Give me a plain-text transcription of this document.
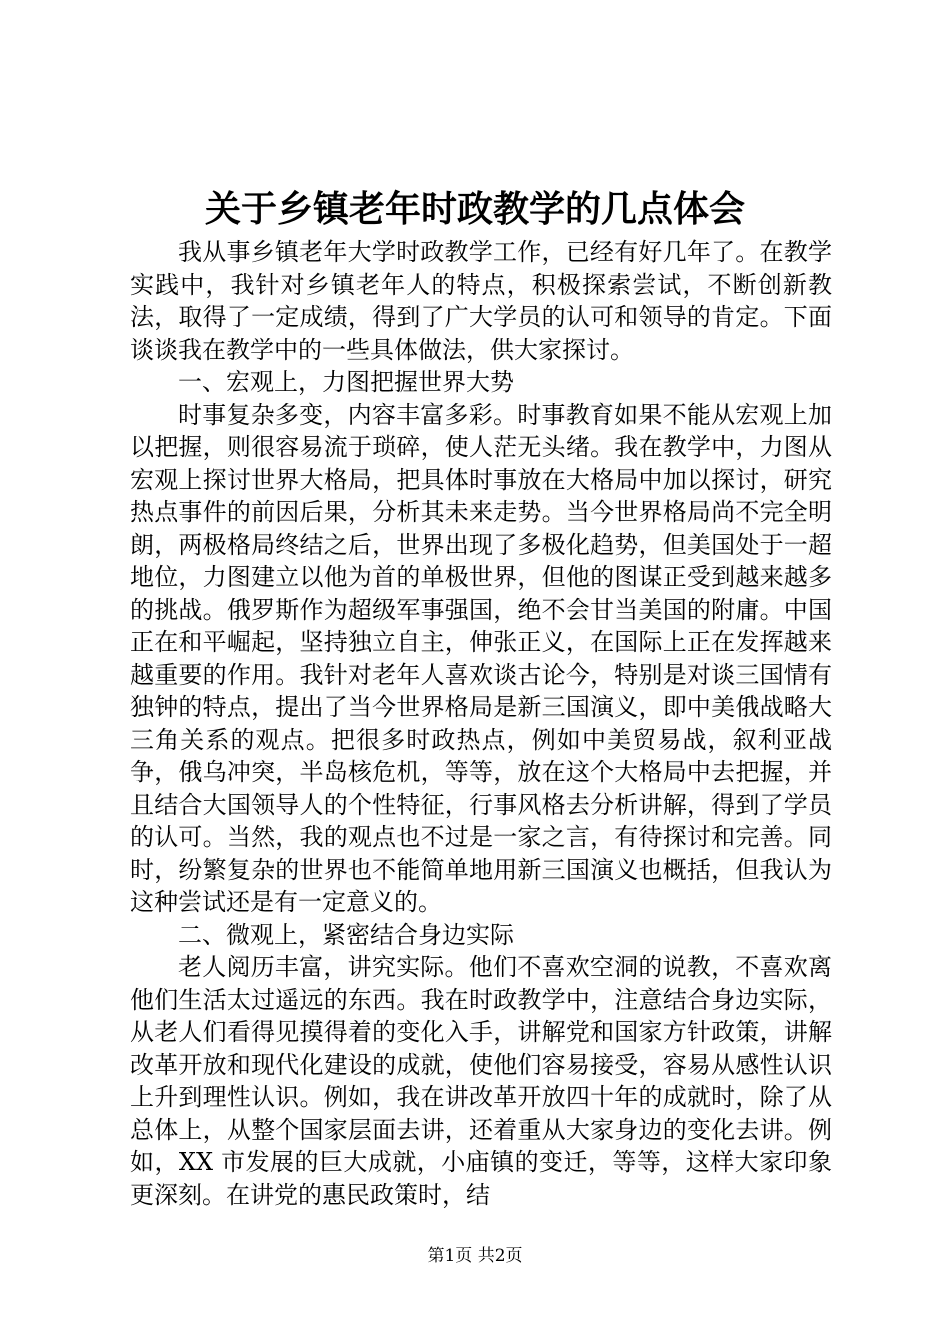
关于乡镇老年时政教学的几点体会

我从事乡镇老年大学时政教学工作，已经有好几年了。在教学实践中，我针对乡镇老年人的特点，积极探索尝试，不断创新教法，取得了一定成绩，得到了广大学员的认可和领导的肯定。下面谈谈我在教学中的一些具体做法，供大家探讨。

一、宏观上，力图把握世界大势

时事复杂多变，内容丰富多彩。时事教育如果不能从宏观上加以把握，则很容易流于琐碎，使人茫无头绪。我在教学中，力图从宏观上探讨世界大格局，把具体时事放在大格局中加以探讨，研究热点事件的前因后果，分析其未来走势。当今世界格局尚不完全明朗，两极格局终结之后，世界出现了多极化趋势，但美国处于一超地位，力图建立以他为首的单极世界，但他的图谋正受到越来越多的挑战。俄罗斯作为超级军事强国，绝不会甘当美国的附庸。中国正在和平崛起，坚持独立自主，伸张正义，在国际上正在发挥越来越重要的作用。我针对老年人喜欢谈古论今，特别是对谈三国情有独钟的特点，提出了当今世界格局是新三国演义，即中美俄战略大三角关系的观点。把很多时政热点，例如中美贸易战，叙利亚战争，俄乌冲突，半岛核危机，等等，放在这个大格局中去把握，并且结合大国领导人的个性特征，行事风格去分析讲解，得到了学员的认可。当然，我的观点也不过是一家之言，有待探讨和完善。同时，纷繁复杂的世界也不能简单地用新三国演义也概括，但我认为这种尝试还是有一定意义的。

二、微观上，紧密结合身边实际

老人阅历丰富，讲究实际。他们不喜欢空洞的说教，不喜欢离他们生活太过遥远的东西。我在时政教学中，注意结合身边实际，从老人们看得见摸得着的变化入手，讲解党和国家方针政策，讲解改革开放和现代化建设的成就，使他们容易接受，容易从感性认识上升到理性认识。例如，我在讲改革开放四十年的成就时，除了从总体上，从整个国家层面去讲，还着重从大家身边的变化去讲。例如，XX 市发展的巨大成就，小庙镇的变迁，等等，这样大家印象更深刻。在讲党的惠民政策时，结

第1页 共2页
